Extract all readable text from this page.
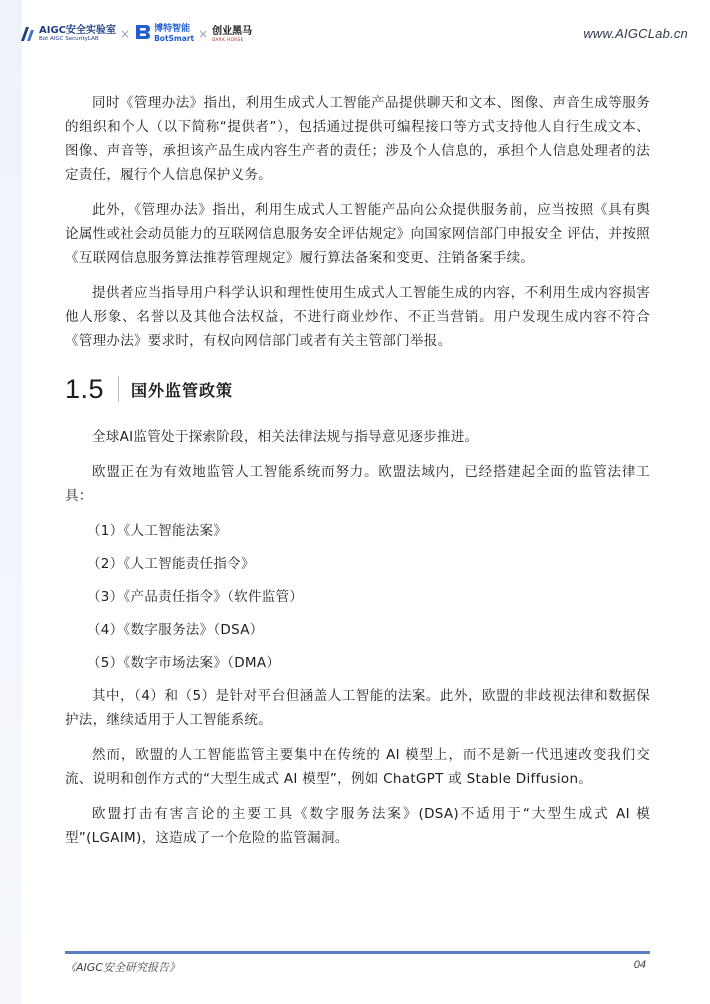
AIGC安全实验室
Bot AIGC SecurityLAB	×	博特智能
BotSmart × 创业黑马
DARK HORSE	www.AIGCLab.cn

同时《管理办法》指出，利用生成式人工智能产品提供聊天和文本、图像、声音生成等服务的组织和个人（以下简称“提供者”），包括通过提供可编程接口等方式支持他人自行生成文本、图像、声音等，承担该产品生成内容生产者的责任；涉及个人信息的，承担个人信息处理者的法定责任，履行个人信息保护义务。

此外，《管理办法》指出，利用生成式人工智能产品向公众提供服务前，应当按照《具有舆论属性或社会动员能力的互联网信息服务安全评估规定》向国家网信部门申报安全 评估，并按照《互联网信息服务算法推荐管理规定》履行算法备案和变更、注销备案手续。

提供者应当指导用户科学认识和理性使用生成式人工智能生成的内容，不利用生成内容损害他人形象、名誉以及其他合法权益，不进行商业炒作、不正当营销。用户发现生成内容不符合《管理办法》要求时，有权向网信部门或者有关主管部门举报。

1.5 国外监管政策

全球AI监管处于探索阶段，相关法律法规与指导意见逐步推进。

欧盟正在为有效地监管人工智能系统而努力。欧盟法域内，已经搭建起全面的监管法律工具：

（1）《人工智能法案》
（2）《人工智能责任指令》
（3）《产品责任指令》（软件监管）
（4）《数字服务法》（DSA）
（5）《数字市场法案》（DMA）

其中，（4）和（5）是针对平台但涵盖人工智能的法案。此外，欧盟的非歧视法律和数据保护法，继续适用于人工智能系统。

然而，欧盟的人工智能监管主要集中在传统的 AI 模型上，而不是新一代迅速改变我们交流、说明和创作方式的“大型生成式 AI 模型”，例如 ChatGPT 或 Stable Diffusion。

欧盟打击有害言论的主要工具《数字服务法案》(DSA)不适用于“大型生成式 AI 模型”(LGAIM)，这造成了一个危险的监管漏洞。

《AIGC安全研究报告》	04
